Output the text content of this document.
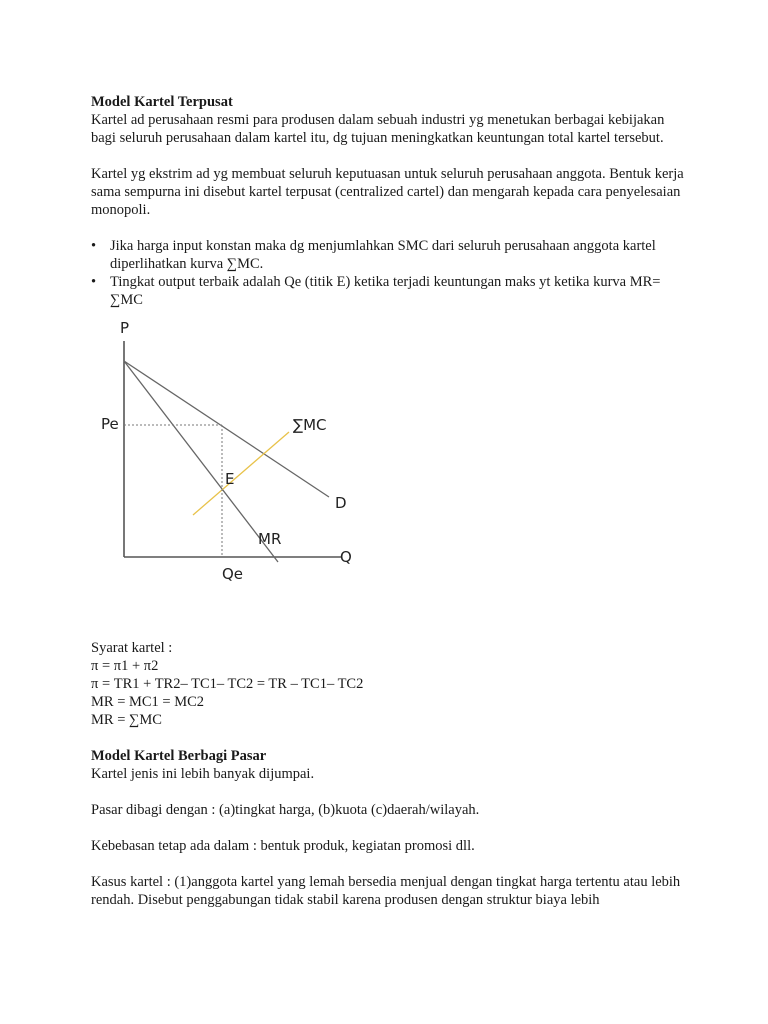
Model Kartel Terpusat

Kartel ad perusahaan resmi para produsen dalam sebuah industri yg menetukan berbagai kebijakan bagi seluruh perusahaan dalam kartel itu, dg tujuan meningkatkan keuntungan total kartel tersebut.

Kartel yg ekstrim ad yg membuat seluruh keputuasan untuk seluruh perusahaan anggota. Bentuk kerja sama sempurna ini disebut kartel terpusat (centralized cartel) dan mengarah kepada cara penyelesaian monopoli.

• Jika harga input konstan maka dg menjumlahkan SMC dari seluruh perusahaan anggota kartel diperlihatkan kurva ∑MC.
• Tingkat output terbaik adalah Qe (titik E) ketika terjadi keuntungan maks yt ketika kurva MR= ∑MC
P
Pe	∑MC
E
D
MR
Q
Qe

Syarat kartel :

π = π1 + π2

π = TR1 + TR2– TC1– TC2 = TR – TC1– TC2

MR = MC1 = MC2

MR = ∑MC

Model Kartel Berbagi Pasar

Kartel jenis ini lebih banyak dijumpai.

Pasar dibagi dengan : (a)tingkat harga, (b)kuota (c)daerah/wilayah.

Kebebasan tetap ada dalam : bentuk produk, kegiatan promosi dll.

Kasus kartel : (1)anggota kartel yang lemah bersedia menjual dengan tingkat harga tertentu atau lebih rendah. Disebut penggabungan tidak stabil karena produsen dengan struktur biaya lebih
